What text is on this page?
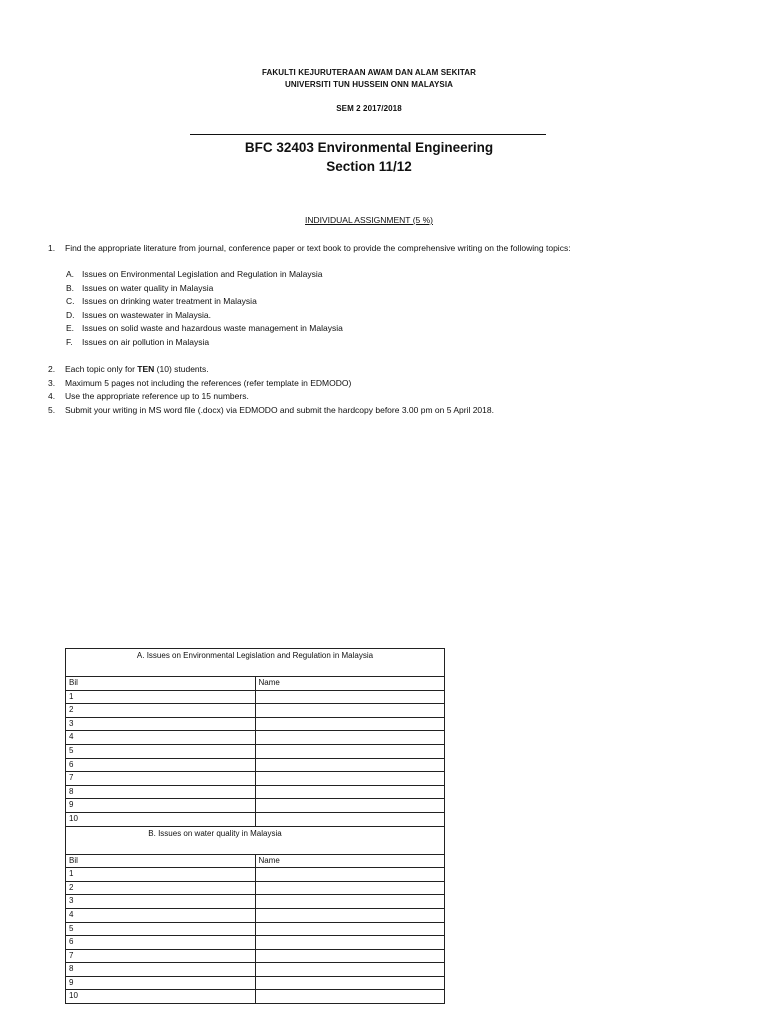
FAKULTI KEJURUTERAAN AWAM DAN ALAM SEKITAR
UNIVERSITI TUN HUSSEIN ONN MALAYSIA
SEM 2 2017/2018
BFC 32403 Environmental Engineering
Section 11/12
INDIVIDUAL ASSIGNMENT (5 %)
1. Find the appropriate literature from journal, conference paper or text book to provide the comprehensive writing on the following topics:
A. Issues on Environmental Legislation and Regulation in Malaysia
B. Issues on water quality in Malaysia
C. Issues on drinking water treatment in Malaysia
D. Issues on wastewater in Malaysia.
E. Issues on solid waste and hazardous waste management in Malaysia
F. Issues on air pollution in Malaysia
2. Each topic only for TEN (10) students.
3. Maximum 5 pages not including the references (refer template in EDMODO)
4. Use the appropriate reference up to 15 numbers.
5. Submit your writing in MS word file (.docx) via EDMODO and submit the hardcopy before 3.00 pm on 5 April 2018.
A. Issues on Environmental Legislation and Regulation in Malaysia	
Bil	Name
1	
2	
3	
4	
5	
6	
7	
8	
9	
10	
B. Issues on water quality in Malaysia	
Bil	Name
1	
2	
3	
4	
5	
6	
7	
8	
9	
10	
